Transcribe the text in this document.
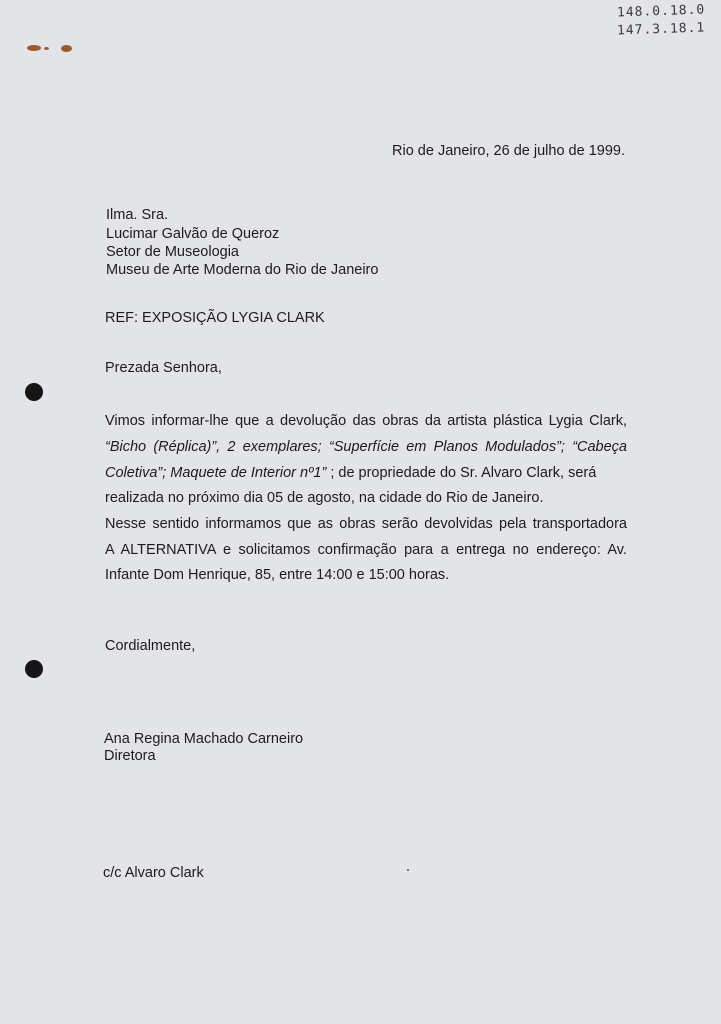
148.0.18.0
147.3.18.1
Rio de Janeiro, 26 de julho de 1999.
Ilma. Sra.
Lucimar Galvão de Queroz
Setor de Museologia
Museu de Arte Moderna do Rio de Janeiro
REF: EXPOSIÇÃO LYGIA CLARK
Prezada Senhora,
Vimos informar-lhe que a devolução das obras da artista plástica Lygia Clark,
“Bicho (Réplica)”, 2 exemplares; “Superfície em Planos Modulados”; “Cabeça
Coletiva”; Maquete de Interior nº1” ; de propriedade do Sr. Alvaro Clark, será
realizada no próximo dia 05 de agosto, na cidade do Rio de Janeiro.
Nesse sentido informamos que as obras serão devolvidas pela transportadora
A ALTERNATIVA e solicitamos confirmação para a entrega no endereço: Av.
Infante Dom Henrique, 85, entre 14:00 e 15:00 horas.
Cordialmente,
Ana Regina Machado Carneiro
Diretora
c/c Alvaro Clark
